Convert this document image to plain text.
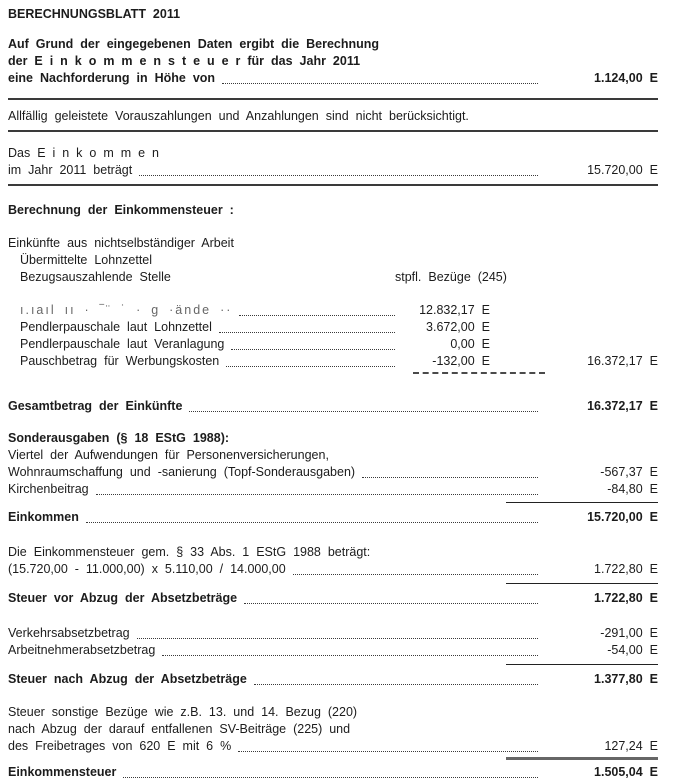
BERECHNUNGSBLATT 2011
Auf Grund der eingegebenen Daten ergibt die Berechnung
der E i n k o m m e n s t e u e r für das Jahr 2011
eine Nachforderung in Höhe von	1.124,00 E
Allfällig geleistete Vorauszahlungen und Anzahlungen sind nicht berücksichtigt.
Das E i n k o m m e n
im Jahr 2011 beträgt	15.720,00 E
Berechnung der Einkommensteuer :
Einkünfte aus nichtselbständiger Arbeit
Übermittelte Lohnzettel
Bezugsauszahlende Stelle	stpfl. Bezüge (245)
ı.ıaıl ıı · ‾¨ ˙ · g ·ände ··	12.832,17 E
Pendlerpauschale laut Lohnzettel	3.672,00 E
Pendlerpauschale laut Veranlagung	0,00 E
Pauschbetrag für Werbungskosten	-132,00 E	16.372,17 E
Gesamtbetrag der Einkünfte	16.372,17 E
Sonderausgaben (§ 18 EStG 1988):
Viertel der Aufwendungen für Personenversicherungen,
Wohnraumschaffung und -sanierung (Topf-Sonderausgaben)	-567,37 E
Kirchenbeitrag	-84,80 E
Einkommen	15.720,00 E
Die Einkommensteuer gem. § 33 Abs. 1 EStG 1988 beträgt:
(15.720,00 - 11.000,00) x 5.110,00 / 14.000,00	1.722,80 E
Steuer vor Abzug der Absetzbeträge	1.722,80 E
Verkehrsabsetzbetrag	-291,00 E
Arbeitnehmerabsetzbetrag	-54,00 E
Steuer nach Abzug der Absetzbeträge	1.377,80 E
Steuer sonstige Bezüge wie z.B. 13. und 14. Bezug (220)
nach Abzug der darauf entfallenen SV-Beiträge (225) und
des Freibetrages von 620 E mit 6 %	127,24 E
Einkommensteuer	1.505,04 E
